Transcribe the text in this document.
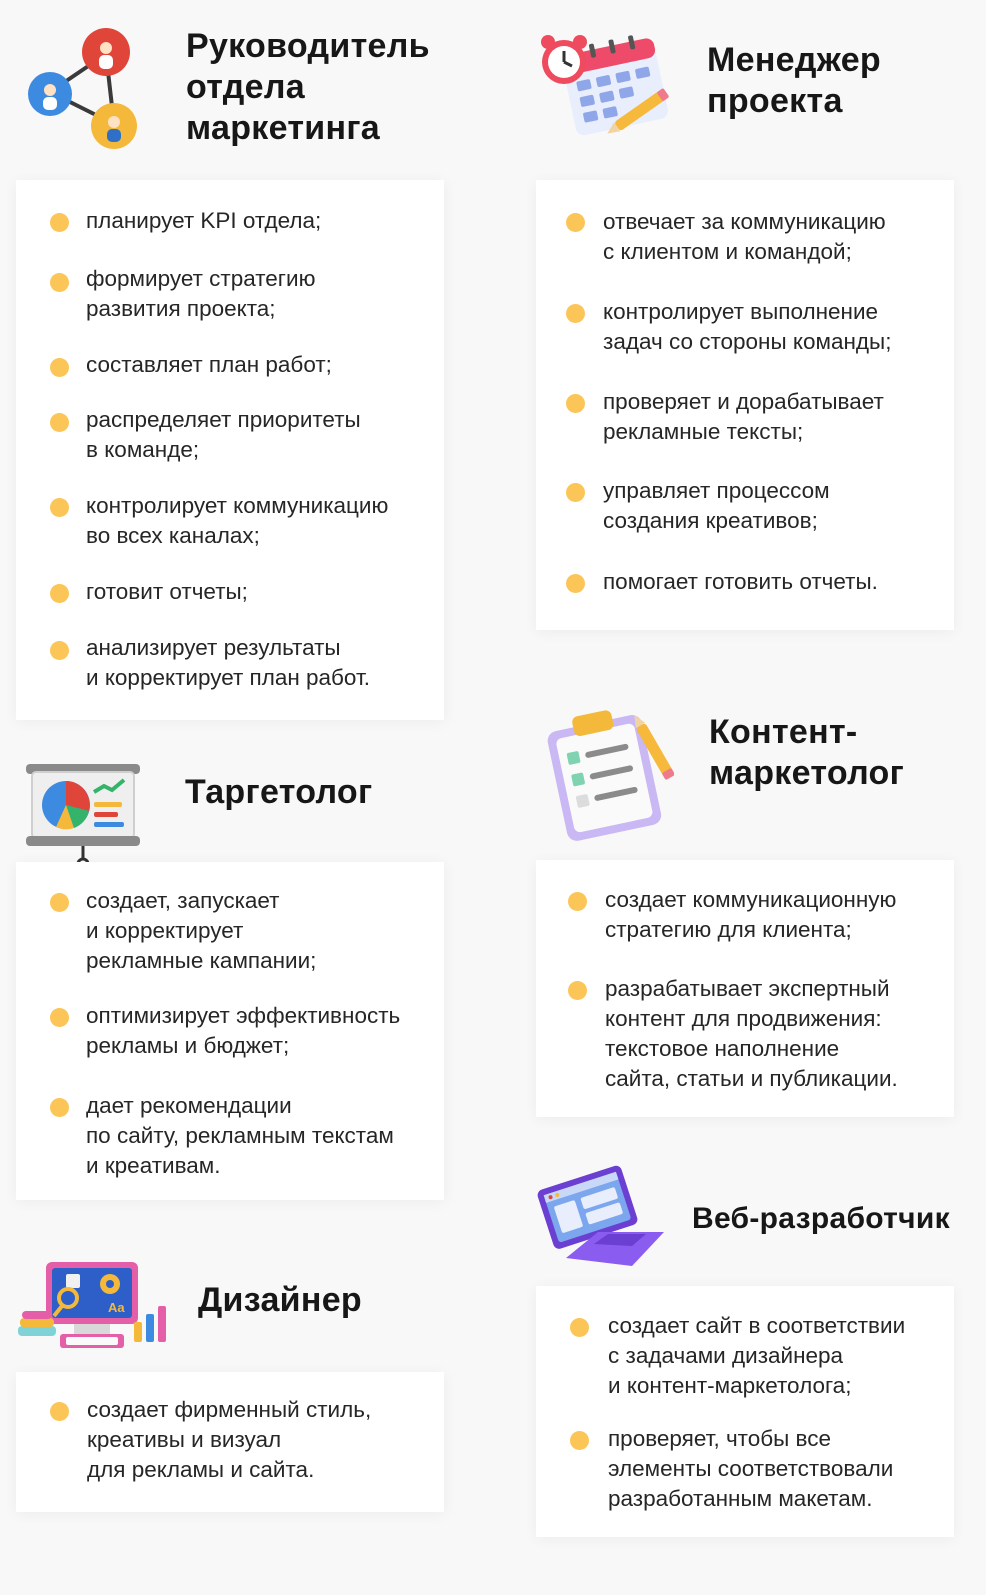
Руководитель
отдела
маркетинга
планирует KPI отдела;
формирует стратегию
развития проекта;
составляет план работ;
распределяет приоритеты
в команде;
контролирует коммуникацию
во всех каналах;
готовит отчеты;
анализирует результаты
и корректирует план работ.
Менеджер
проекта
отвечает за коммуникацию
с клиентом и командой;
контролирует выполнение
задач со стороны команды;
проверяет и дорабатывает
рекламные тексты;
управляет процессом
создания креативов;
помогает готовить отчеты.
Таргетолог
создает, запускает
и корректирует
рекламные кампании;
оптимизирует эффективность
рекламы и бюджет;
дает рекомендации
по сайту, рекламным текстам
и креативам.
Контент-
маркетолог
создает коммуникационную
стратегию для клиента;
разрабатывает экспертный
контент для продвижения:
текстовое наполнение
сайта, статьи и публикации.
Aa Дизайнер
создает фирменный стиль,
креативы и визуал
для рекламы и сайта.
Веб-разработчик
создает сайт в соответствии
с задачами дизайнера
и контент-маркетолога;
проверяет, чтобы все
элементы соответствовали
разработанным макетам.
